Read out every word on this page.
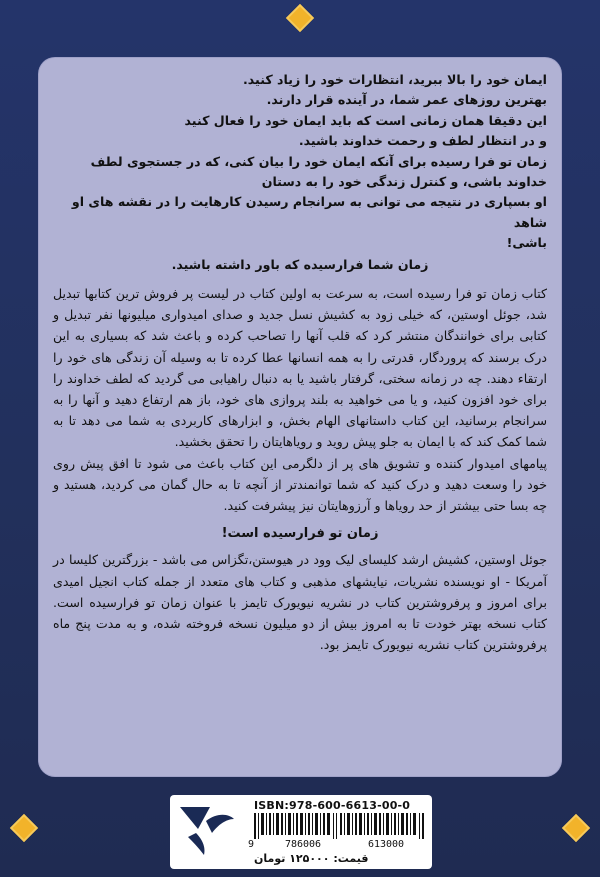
ایمان خود را بالا ببرید، انتظارات خود را زیاد کنید.

بهترین روزهای عمر شما، در آینده قرار دارند.

این دقیقا همان زمانی است که باید ایمان خود را فعال کنید

و در انتظار لطف و رحمت خداوند باشید.

زمان تو فرا رسیده برای آنکه ایمان خود را بیان کنی، که در جستجوی لطف

خداوند باشی، و کنترل زندگی خود را به دستان

او بسپاری در نتیجه می توانی به سرانجام رسیدن کارهایت را در نقشه های او شاهد

باشی!

زمان شما فرارسیده که باور داشته باشید.

کتاب زمان تو فرا رسیده است، به سرعت به اولین کتاب در لیست پر فروش ترین کتابها تبدیل شد، جوئل اوستین، که خیلی زود به کشیش نسل جدید و صدای امیدواری میلیونها نفر تبدیل و کتابی برای خوانندگان منتشر کرد که قلب آنها را تصاحب کرده و باعث شد که بسیاری به این درک برسند که پروردگار، قدرتی را به همه انسانها عطا کرده تا به وسیله آن زندگی های خود را ارتقاء دهند. چه در زمانه سختی، گرفتار باشید یا به دنبال راهیابی می گردید که لطف خداوند را برای خود افزون کنید، و یا می خواهید به بلند پروازی های خود، باز هم ارتفاع دهید و آنها را به سرانجام برسانید، این کتاب داستانهای الهام بخش، و ابزارهای کاربردی به شما می دهد تا به شما کمک کند که با ایمان به جلو پیش روید و رویاهایتان را تحقق بخشید.

پیامهای امیدوار کننده و تشویق های پر از دلگرمی این کتاب باعث می شود تا افق پیش روی خود را وسعت دهید و درک کنید که شما توانمندتر از آنچه تا به حال گمان می کردید، هستید و چه بسا حتی بیشتر از حد رویاها و آرزوهایتان نیز پیشرفت کنید.

زمان تو فرارسیده است!

جوئل اوستین، کشیش ارشد کلیسای لیک وود در هیوستن،تگزاس می باشد - بزرگترین کلیسا در آمریکا - او نویسنده نشریات، نیایشهای مذهبی و کتاب های متعدد از جمله کتاب انجیل امیدی برای امروز و پرفروشترین کتاب در نشریه نیویورک تایمز با عنوان زمان تو فرارسیده است. کتاب نسخه بهتر خودت تا به امروز بیش از دو میلیون نسخه فروخته شده، و به مدت پنج ماه پرفروشترین کتاب نشریه نیویورک تایمز بود.

ISBN:978-600-6613-00-0
9	786006	613000
قیمت: ۱۲۵۰۰۰ تومان
